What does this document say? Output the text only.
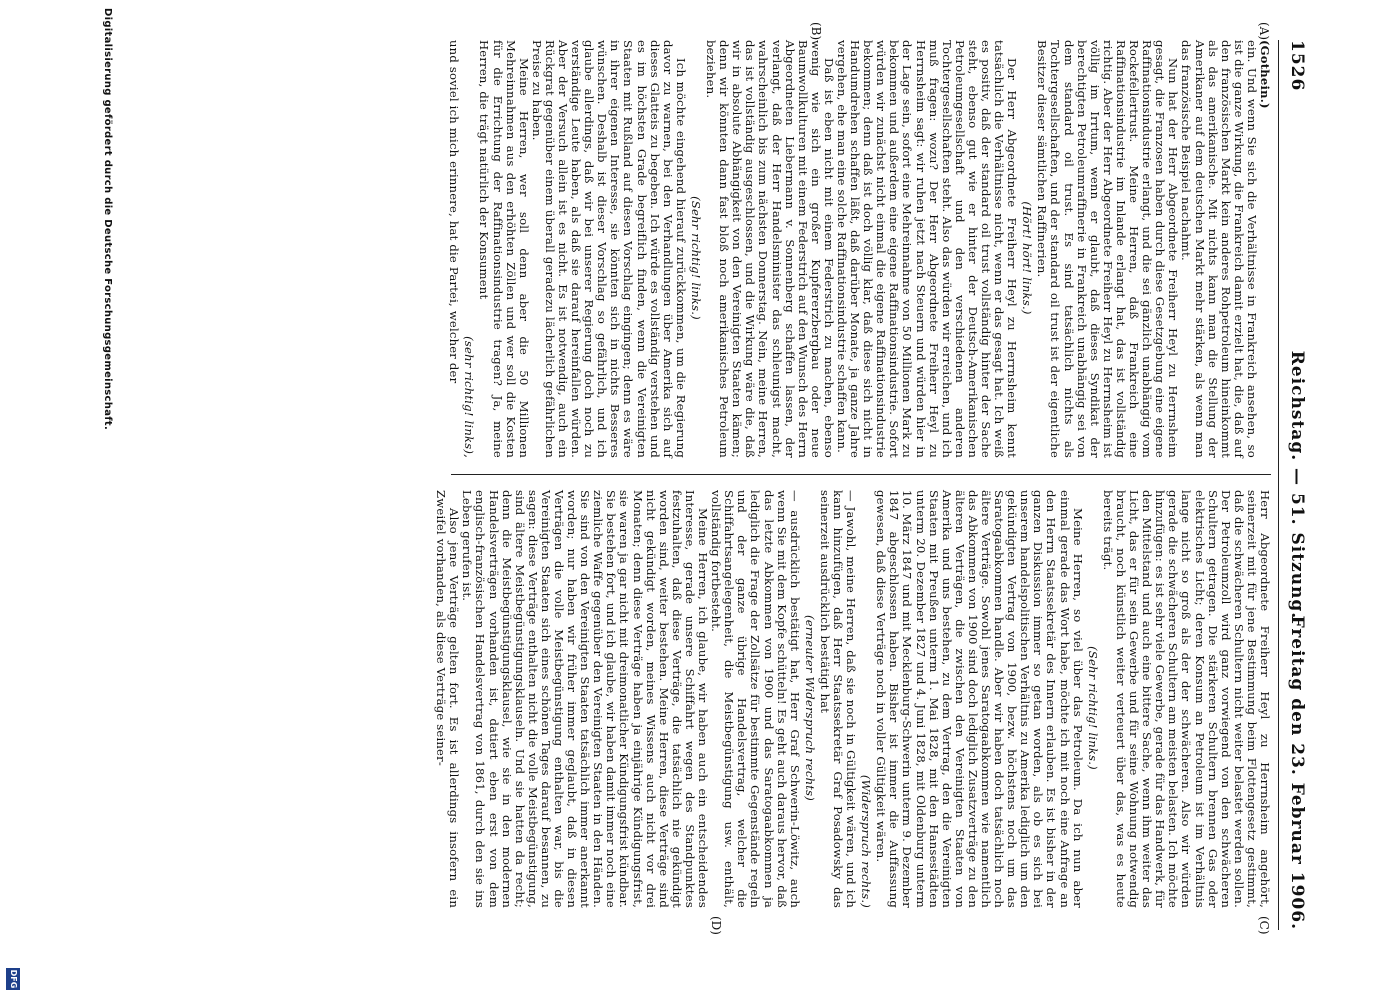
1526
Reichstag. — 51. Sitzung.
Freitag den 23. Februar 1906.
(A)
(B)
(C)
(D)

(Gothein.)

ein. Und wenn Sie sich die Verhältnisse in Frankreich ansehen, so ist die ganze Wirkung, die Frankreich damit erzielt hat, die, daß auf den französischen Markt kein anderes Rohpetroleum hineinkommt als das amerikanische. Mit nichts kann man die Stellung der Amerikaner auf dem deutschen Markt mehr stärken, als wenn man das französische Beispiel nachahmt.

Nun hat der Herr Abgeordnete Freiherr Heyl zu Herrnsheim gesagt, die Franzosen haben durch diese Gesetzgebung eine eigene Raffinationsindustrie erlangt, und die sei gänzlich unabhängig vom Rockefellertrust. Meine Herren, daß Frankreich eine Raffinationsindustrie im Inlande erlangt hat, das ist vollständig richtig. Aber der Herr Abgeordnete Freiherr Heyl zu Herrnsheim ist völlig im Irrtum, wenn er glaubt, daß dieses Syndikat der berechtigten Petroleumraffinerie in Frankreich unabhängig sei von dem standard oil trust. Es sind tatsächlich nichts als Tochtergesellschaften, und der standard oil trust ist der eigentliche Besitzer dieser sämtlichen Raffinerien.

(Hört! hört! links.)

Der Herr Abgeordnete Freiherr Heyl zu Herrnsheim kennt tatsächlich die Verhältnisse nicht, wenn er das gesagt hat. Ich weiß es positiv, daß der standard oil trust vollständig hinter der Sache steht, ebenso gut wie er hinter der Deutsch-Amerikanischen Petroleumgesellschaft und den verschiedenen anderen Tochtergesellschaften steht. Also das würden wir erreichen, und ich muß fragen: wozu? Der Herr Abgeordnete Freiherr Heyl zu Herrnsheim sagt: wir ruhen jetzt nach Steuern und würden hier in der Lage sein, sofort eine Mehreinnahme von 50 Millionen Mark zu bekommen und außerdem eine eigene Raffinationsindustrie. Sofort würden wir zunächst nicht einmal die eigene Raffinationsindustrie bekommen; denn daß ist doch völlig klar, daß diese sich nicht in Handumdrehen schaffen läßt, daß darüber Monate, ja ganze Jahre vergehen, ehe man eine solche Raffinationsindustrie schaffen kann.

Daß ist eben nicht mit einem Federstrich zu machen, ebenso wenig wie sich ein großer Kupfererzbergbau oder neue Baumwollkulturen mit einem Federstrich auf den Wunsch des Herrn Abgeordneten Liebermann v. Sonnenberg schaffen lassen, der verlangt, daß der Herr Handelsminister das schleunigst macht, wahrscheinlich bis zum nächsten Donnerstag. Nein, meine Herren, das ist vollständig ausgeschlossen, und die Wirkung wäre die, daß wir in absolute Abhängigkeit von den Vereinigten Staaten kämen; denn wir könnten dann fast bloß noch amerikanisches Petroleum beziehen.

(Sehr richtig! links.)

Ich möchte eingehend hierauf zurückkommen, um die Regierung davor zu warnen, bei den Verhandlungen über Amerika sich auf dieses Glatteis zu begeben. Ich würde es vollständig verstehen und es im höchsten Grade begreiflich finden, wenn die Vereinigten Staaten mit Rußland auf diesen Vorschlag eingingen; denn es wäre in ihrer eigenen Interesse, sie könnten sich in nichts Besseres wünschen. Deshalb ist dieser Vorschlag so gefährlich, und ich glaube allerdings, daß wir bei unserer Regierung doch noch zu verständige Leute haben, als daß sie darauf hereinfallen würden. Aber der Versuch allein ist es nicht. Es ist notwendig, auch ein Rückgrat gegenüber einem überall geradezu lächerlich gefährlichen Preise zu haben.

Meine Herren, wer soll denn aber die 50 Millionen Mehreinnahmen aus den erhöhten Zöllen und wer soll die Kosten für die Errichtung der Raffinationsindustrie tragen? Ja, meine Herren, die trägt natürlich der Konsument

(sehr richtig! links),

und soviel ich mich erinnere, hat die Partei, welcher der

Herr Abgeordnete Freiherr Heyl zu Herrnsheim angehört, seinerzeit mit für jene Bestimmung beim Flottengesetz gestimmt, daß die schwächeren Schultern nicht weiter belastet werden sollen. Der Petroleumzoll wird ganz vorwiegend von den schwächeren Schultern getragen. Die stärkeren Schultern brennen Gas oder elektrisches Licht; deren Konsum an Petroleum ist im Verhältnis lange nicht so groß als der der schwächeren. Also wir würden gerade die schwächeren Schultern am meisten belasten. Ich möchte hinzufügen: es ist sehr viele Gewerbe, gerade für das Handwerk, für den Mittelstand und auch eine bittere Sache, wenn ihm weiter das Licht, das er für sein Gewerbe und für seine Wohnung notwendig braucht, noch künstlich weiter verteuert über das, was es heute bereits trägt.

(Sehr richtig! links.)

Meine Herren, so viel über das Petroleum. Da ich nun aber einmal gerade das Wort habe, möchte ich mit noch eine Anfrage an den Herrn Staatssekretär des Innern erlauben. Es ist bisher in der ganzen Diskussion immer so getan worden, als ob es sich bei unserem handelspolitischen Verhältnis zu Amerika lediglich um den gekündigten Vertrag von 1900, bezw. höchstens noch um das Saratogaabkommen handle. Aber wir haben doch tatsächlich noch ältere Verträge. Sowohl jenes Saratogaabkommen wie namentlich das Abkommen von 1900 sind doch lediglich Zusatzverträge zu den älteren Verträgen, die zwischen den Vereinigten Staaten von Amerika und uns bestehen, zu dem Vertrag, den die Vereinigten Staaten mit Preußen unterm 1. Mai 1828, mit den Hansestädten unterm 20. Dezember 1827 und 4. Juni 1828, mit Oldenburg unterm 10. März 1847 und mit Mecklenburg-Schwerin unterm 9. Dezember 1847 abgeschlossen haben. Bisher ist immer die Auffassung gewesen, daß diese Verträge noch in voller Gültigkeit wären.

(Widerspruch rechts.)

— Jawohl, meine Herren, daß sie noch in Gültigkeit wären, und ich kann hinzufügen, daß Herr Staatssekretär Graf Posadowsky das seinerzeit ausdrücklich bestätigt hat

(erneuter Widerspruch rechts)

— ausdrücklich bestätigt hat, Herr Graf Schwerin-Löwitz, auch wenn Sie mit dem Kopfe schütteln! Es geht auch daraus hervor, daß das letzte Abkommen von 1900 und das Saratogaabkommen ja lediglich die Frage der Zollsätze für bestimmte Gegenstände regeln und der ganze übrige Handelsvertrag, welcher die Schiffahrtsangelegenheit, die Meistbegünstigung usw. enthält, vollständig fortbesteht.

Meine Herren, ich glaube, wir haben auch ein entscheidendes Interesse, gerade unsere Schiffahrt wegen des Standpunktes festzuhalten, daß diese Verträge, die tatsächlich nie gekündigt worden sind, weiter bestehen. Meine Herren, diese Verträge sind nicht gekündigt worden, meines Wissens auch nicht vor drei Monaten; denn diese Verträge haben ja einjährige Kündigungsfrist, sie waren ja gar nicht mit dreimonatlicher Kündigungsfrist kündbar. Sie bestehen fort, und ich glaube, wir haben damit immer noch eine ziemliche Waffe gegenüber den Vereinigten Staaten in den Händen. Sie sind von den Vereinigten Staaten tatsächlich immer anerkannt worden; nur haben wir früher immer geglaubt, daß in diesen Verträgen die volle Meistbegünstigung enthalten war, bis die Vereinigten Staaten sich eines schönen Tages darauf besannen, zu sagen: diese Verträge enthalten nicht die volle Meistbegünstigung, sind ältere Meistbegünstigungsklauseln. Und sie hatten da recht; denn die Meistbegünstigungsklausel, wie sie in den modernen Handelsverträgen vorhanden ist, datiert eben erst von dem englisch-französischen Handelsvertrag von 1861, durch den sie ins Leben gerufen ist.

Also jene Verträge gelten fort. Es ist allerdings insofern ein Zweifel vorhanden, als diese Verträge seiner-

Digitalisierung gefördert durch die Deutsche Forschungsgemeinschaft.
DFG
